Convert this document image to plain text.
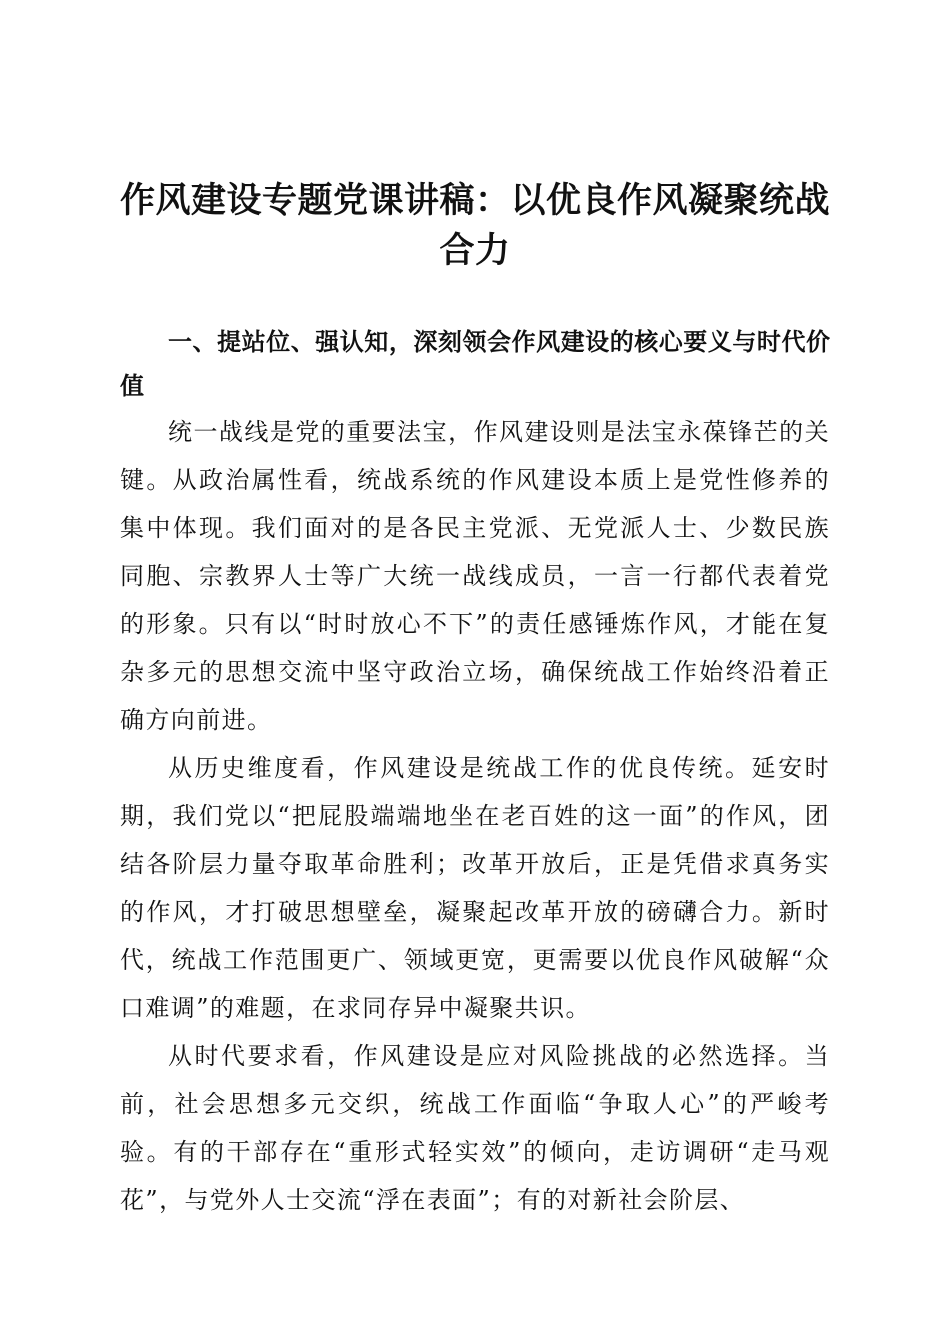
作风建设专题党课讲稿：以优良作风凝聚统战合力

一、提站位、强认知，深刻领会作风建设的核心要义与时代价值

统一战线是党的重要法宝，作风建设则是法宝永葆锋芒的关键。从政治属性看，统战系统的作风建设本质上是党性修养的集中体现。我们面对的是各民主党派、无党派人士、少数民族同胞、宗教界人士等广大统一战线成员，一言一行都代表着党的形象。只有以“时时放心不下”的责任感锤炼作风，才能在复杂多元的思想交流中坚守政治立场，确保统战工作始终沿着正确方向前进。

从历史维度看，作风建设是统战工作的优良传统。延安时期，我们党以“把屁股端端地坐在老百姓的这一面”的作风，团结各阶层力量夺取革命胜利；改革开放后，正是凭借求真务实的作风，才打破思想壁垒，凝聚起改革开放的磅礴合力。新时代，统战工作范围更广、领域更宽，更需要以优良作风破解“众口难调”的难题，在求同存异中凝聚共识。

从时代要求看，作风建设是应对风险挑战的必然选择。当前，社会思想多元交织，统战工作面临“争取人心”的严峻考验。有的干部存在“重形式轻实效”的倾向，走访调研“走马观花”，与党外人士交流“浮在表面”；有的对新社会阶层、
